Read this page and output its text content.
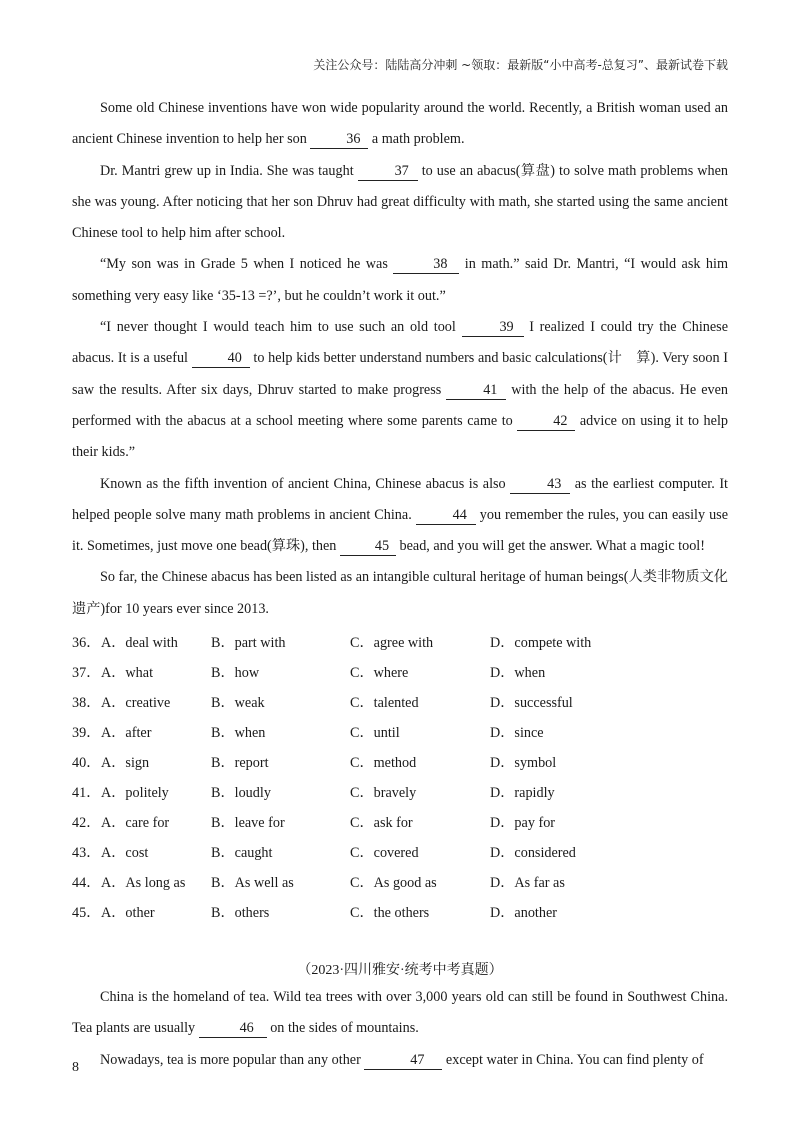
关注公众号：陆陆高分冲刺 ~领取：最新版“小中高考-总复习”、最新试卷下载

Some old Chinese inventions have won wide popularity around the world. Recently, a British woman used an ancient Chinese invention to help her son	36 a math problem.

Dr. Mantri grew up in India. She was taught	37 to use an abacus(算盘) to solve math problems when she was young. After noticing that her son Dhruv had great difficulty with math, she started using the same ancient Chinese tool to help him after school.

“My son was in Grade 5 when I noticed he was	38 in math.” said Dr. Mantri, “I would ask him something very easy like ‘35-13 =?’, but he couldn’t work it out.”

“I never thought I would teach him to use such an old tool	39 I realized I could try the Chinese abacus. It is a useful	40 to help kids better understand numbers and basic calculations(计　算). Very soon I saw the results. After six days, Dhruv started to make progress	41 with the help of the abacus. He even performed with the abacus at a school meeting where some parents came to	42 advice on using it to help their kids.”

Known as the fifth invention of ancient China, Chinese abacus is also	43 as the earliest computer. It helped people solve many math problems in ancient China.	44 you remember the rules, you can easily use it. Sometimes, just move one bead(算珠), then 45 bead, and you will get the answer. What a magic tool!

So far, the Chinese abacus has been listed as an intangible cultural heritage of human beings(人类非物质文化遗产)for 10 years ever since 2013.

36． A．deal with	B．part with	C．agree with	D．compete with
37． A．what	B．how	C．where	D．when
38． A．creative	B．weak	C．talented	D．successful
39． A．after	B．when	C．until	D．since
40． A．sign	B．report	C．method	D．symbol
41． A．politely	B．loudly	C．bravely	D．rapidly
42． A．care for	B．leave for	C．ask for	D．pay for
43． A．cost	B．caught	C．covered	D．considered
44． A．As long as	B．As well as	C．As good as	D．As far as
45． A．other	B．others	C．the others	D．another
（2023·四川雅安·统考中考真题）

China is the homeland of tea. Wild tea trees with over 3,000 years old can still be found in Southwest China. Tea plants are usually	46 on the sides of mountains.

Nowadays, tea is more popular than any other	47 except water in China. You can find plenty of

8
